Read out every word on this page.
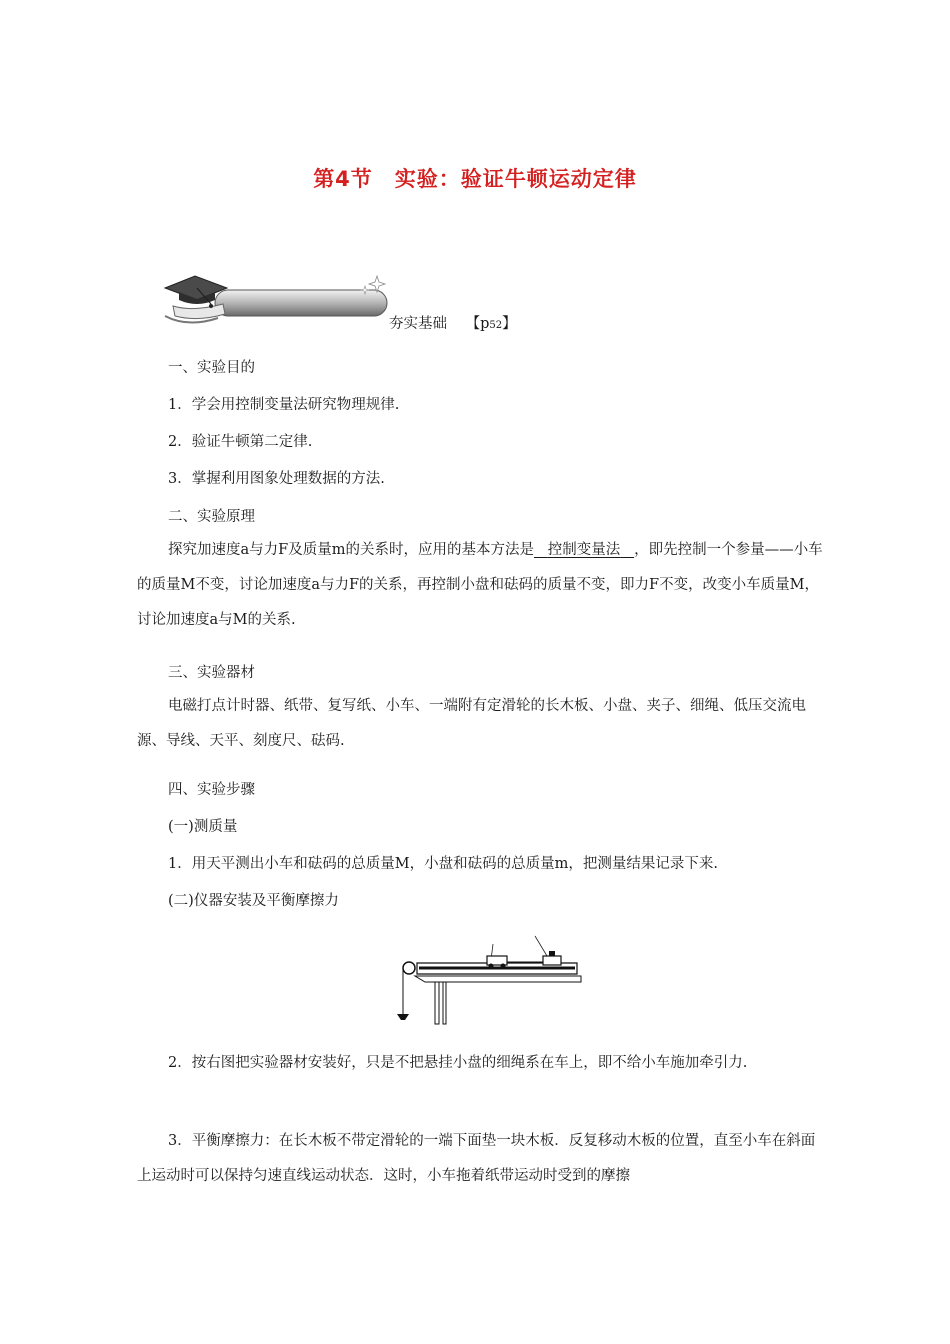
第4节　实验：验证牛顿运动定律
夯实基础 【p52】
一、实验目的
1．学会用控制变量法研究物理规律.
2．验证牛顿第二定律.
3．掌握利用图象处理数据的方法.
二、实验原理
探究加速度a与力F及质量m的关系时，应用的基本方法是 控制变量法 ，即先控制一个参量——小车的质量M不变，讨论加速度a与力F的关系，再控制小盘和砝码的质量不变，即力F不变，改变小车质量M，讨论加速度a与M的关系.
三、实验器材
电磁打点计时器、纸带、复写纸、小车、一端附有定滑轮的长木板、小盘、夹子、细绳、低压交流电源、导线、天平、刻度尺、砝码.
四、实验步骤
(一)测质量
1．用天平测出小车和砝码的总质量M，小盘和砝码的总质量m，把测量结果记录下来.
(二)仪器安装及平衡摩擦力
2．按右图把实验器材安装好，只是不把悬挂小盘的细绳系在车上，即不给小车施加牵引力.
3．平衡摩擦力：在长木板不带定滑轮的一端下面垫一块木板．反复移动木板的位置，直至小车在斜面上运动时可以保持匀速直线运动状态．这时，小车拖着纸带运动时受到的摩擦
